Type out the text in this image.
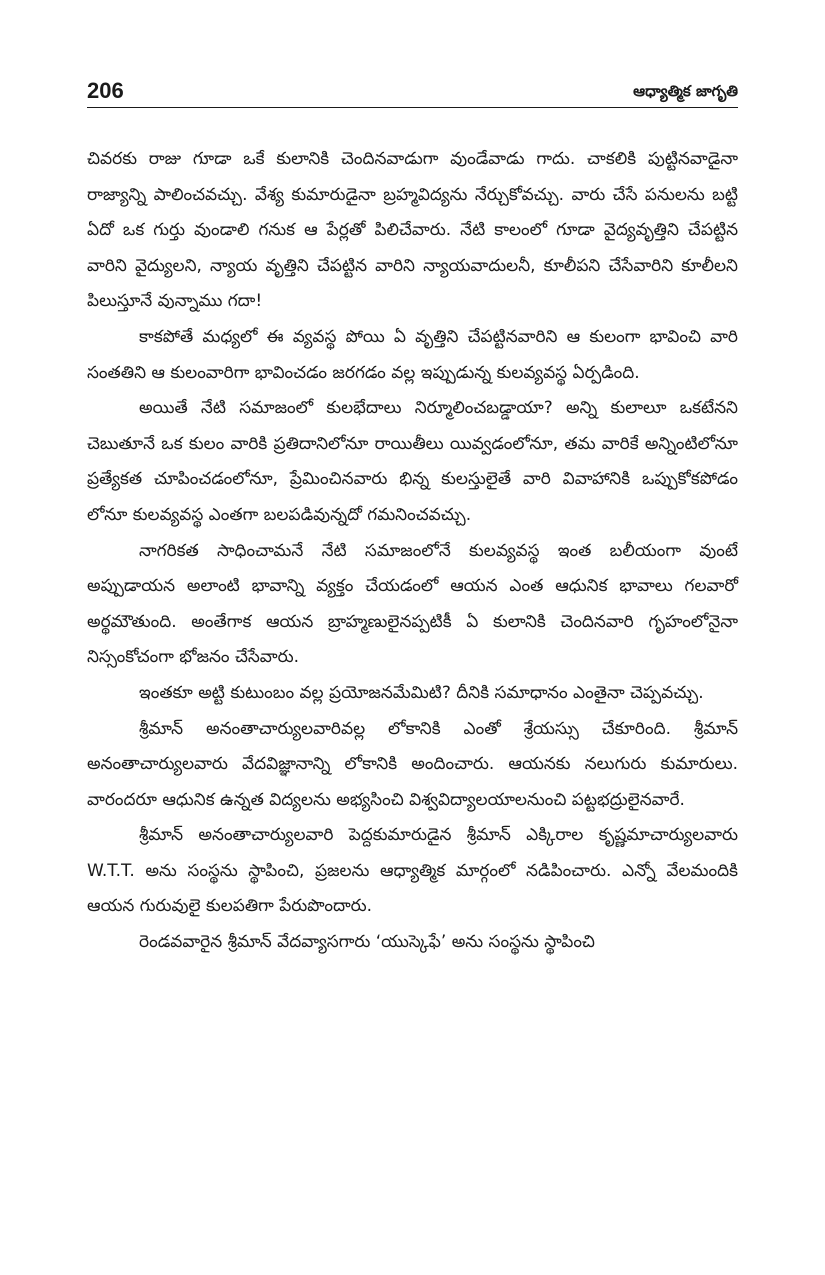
206	ఆధ్యాత్మిక జాగృతి

చివరకు రాజు గూడా ఒకే కులానికి చెందినవాడుగా వుండేవాడు గాదు. చాకలికి పుట్టినవాడైనా రాజ్యాన్ని పాలించవచ్చు. వేశ్య కుమారుడైనా బ్రహ్మవిద్యను నేర్చుకోవచ్చు. వారు చేసే పనులను బట్టి ఏదో ఒక గుర్తు వుండాలి గనుక ఆ పేర్లతో పిలిచేవారు. నేటి కాలంలో గూడా వైద్యవృత్తిని చేపట్టిన వారిని వైద్యులని, న్యాయ వృత్తిని చేపట్టిన వారిని న్యాయవాదులనీ, కూలీపని చేసేవారిని కూలీలని పిలుస్తూనే వున్నాము గదా!

కాకపోతే మధ్యలో ఈ వ్యవస్థ పోయి ఏ వృత్తిని చేపట్టినవారిని ఆ కులంగా భావించి వారి సంతతిని ఆ కులంవారిగా భావించడం జరగడం వల్ల ఇప్పుడున్న కులవ్యవస్థ ఏర్పడింది.

అయితే నేటి సమాజంలో కులభేదాలు నిర్మూలించబడ్డాయా? అన్ని కులాలూ ఒకటేనని చెబుతూనే ఒక కులం వారికి ప్రతిదానిలోనూ రాయితీలు యివ్వడంలోనూ, తమ వారికే అన్నింటిలోనూ ప్రత్యేకత చూపించడంలోనూ, ప్రేమించినవారు భిన్న కులస్తులైతే వారి వివాహానికి ఒప్పుకోకపోడం లోనూ కులవ్యవస్థ ఎంతగా బలపడివున్నదో గమనించవచ్చు.

నాగరికత సాధించామనే నేటి సమాజంలోనే కులవ్యవస్థ ఇంత బలీయంగా వుంటే అప్పుడాయన అలాంటి భావాన్ని వ్యక్తం చేయడంలో ఆయన ఎంత ఆధునిక భావాలు గలవారో అర్థమౌతుంది. అంతేగాక ఆయన బ్రాహ్మణులైనప్పటికీ ఏ కులానికి చెందినవారి గృహంలోనైనా నిస్సంకోచంగా భోజనం చేసేవారు.

ఇంతకూ అట్టి కుటుంబం వల్ల ప్రయోజనమేమిటి? దీనికి సమాధానం ఎంతైనా చెప్పవచ్చు.

శ్రీమాన్ అనంతాచార్యులవారివల్ల లోకానికి ఎంతో శ్రేయస్సు చేకూరింది. శ్రీమాన్ అనంతాచార్యులవారు వేదవిజ్ఞానాన్ని లోకానికి అందించారు. ఆయనకు నలుగురు కుమారులు. వారందరూ ఆధునిక ఉన్నత విద్యలను అభ్యసించి విశ్వవిద్యాలయాలనుంచి పట్టభద్రులైనవారే.

శ్రీమాన్ అనంతాచార్యులవారి పెద్దకుమారుడైన శ్రీమాన్ ఎక్కిరాల కృష్ణమాచార్యులవారు W.T.T. అను సంస్థను స్థాపించి, ప్రజలను ఆధ్యాత్మిక మార్గంలో నడిపించారు. ఎన్నో వేలమందికి ఆయన గురువులై కులపతిగా పేరుపొందారు.

రెండవవారైన శ్రీమాన్ వేదవ్యాసగారు ‘యుస్కెఫే’ అను సంస్థను స్థాపించి
